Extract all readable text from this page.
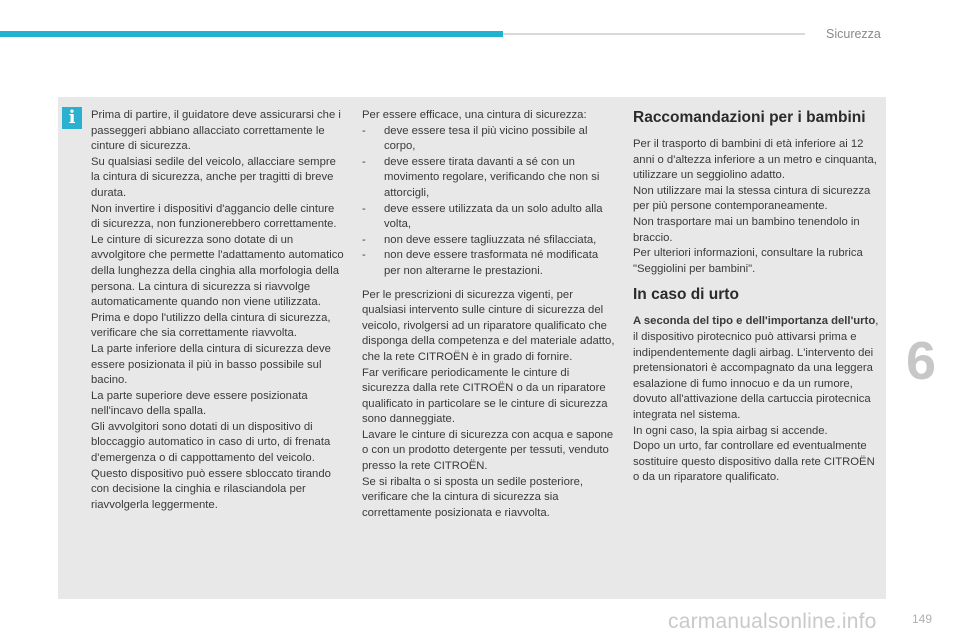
Sicurezza
i	Prima di partire, il guidatore deve assicurarsi che i passeggeri abbiano allacciato correttamente le cinture di sicurezza.

Su qualsiasi sedile del veicolo, allacciare sempre la cintura di sicurezza, anche per tragitti di breve durata.

Non invertire i dispositivi d'aggancio delle cinture di sicurezza, non funzionerebbero correttamente.

Le cinture di sicurezza sono dotate di un avvolgitore che permette l'adattamento automatico della lunghezza della cinghia alla morfologia della persona. La cintura di sicurezza si riavvolge automaticamente quando non viene utilizzata.

Prima e dopo l'utilizzo della cintura di sicurezza, verificare che sia correttamente riavvolta.

La parte inferiore della cintura di sicurezza deve essere posizionata il più in basso possibile sul bacino.

La parte superiore deve essere posizionata nell'incavo della spalla.

Gli avvolgitori sono dotati di un dispositivo di bloccaggio automatico in caso di urto, di frenata d'emergenza o di cappottamento del veicolo. Questo dispositivo può essere sbloccato tirando con decisione la cinghia e rilasciandola per riavvolgerla leggermente.

Per essere efficace, una cintura di sicurezza:

- deve essere tesa il più vicino possibile al corpo,
- deve essere tirata davanti a sé con un movimento regolare, verificando che non si attorcigli,
- deve essere utilizzata da un solo adulto alla volta,
- non deve essere tagliuzzata né sfilacciata,
- non deve essere trasformata né modificata per non alterarne le prestazioni.

Per le prescrizioni di sicurezza vigenti, per qualsiasi intervento sulle cinture di sicurezza del veicolo, rivolgersi ad un riparatore qualificato che disponga della competenza e del materiale adatto, che la rete CITROËN è in grado di fornire.

Far verificare periodicamente le cinture di sicurezza dalla rete CITROËN o da un riparatore qualificato in particolare se le cinture di sicurezza sono danneggiate.

Lavare le cinture di sicurezza con acqua e sapone o con un prodotto detergente per tessuti, venduto presso la rete CITROËN.

Se si ribalta o si sposta un sedile posteriore, verificare che la cintura di sicurezza sia correttamente posizionata e riavvolta.

Raccomandazioni per i bambini

Per il trasporto di bambini di età inferiore ai 12 anni o d'altezza inferiore a un metro e cinquanta, utilizzare un seggiolino adatto.

Non utilizzare mai la stessa cintura di sicurezza per più persone contemporaneamente.

Non trasportare mai un bambino tenendolo in braccio.

Per ulteriori informazioni, consultare la rubrica "Seggiolini per bambini".

In caso di urto

A seconda del tipo e dell'importanza dell'urto, il dispositivo pirotecnico può attivarsi prima e indipendentemente dagli airbag. L'intervento dei pretensionatori è accompagnato da una leggera esalazione di fumo innocuo e da un rumore, dovuto all'attivazione della cartuccia pirotecnica integrata nel sistema.

In ogni caso, la spia airbag si accende.

Dopo un urto, far controllare ed eventualmente sostituire questo dispositivo dalla rete CITROËN o da un riparatore qualificato.

6
carmanualsonline.info	149
